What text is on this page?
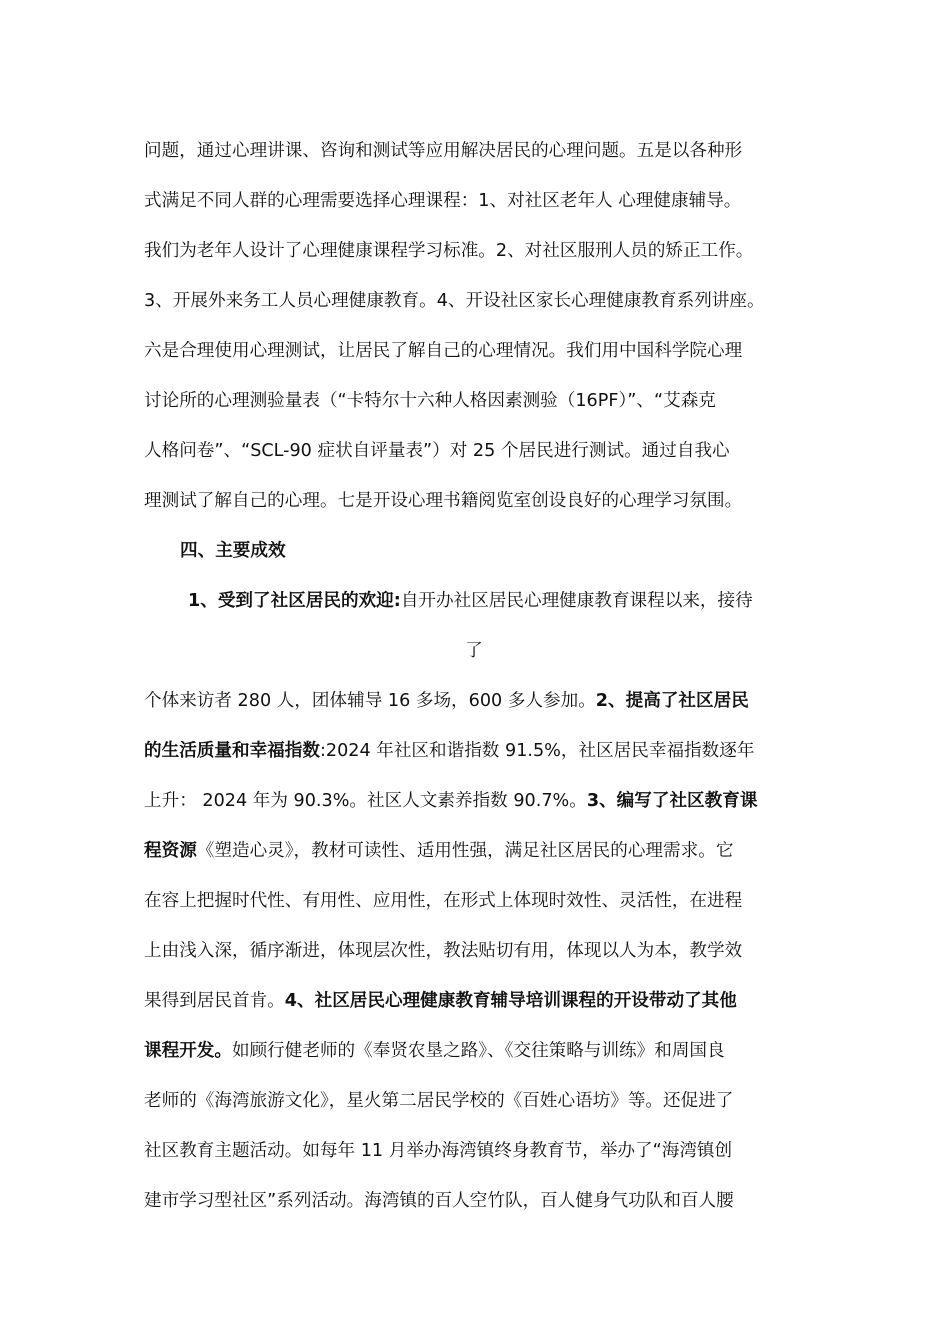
问题，通过心理讲课、咨询和测试等应用解决居民的心理问题。五是以各种形
式满足不同人群的心理需要选择心理课程：1、对社区老年人 心理健康辅导。
我们为老年人设计了心理健康课程学习标准。2、对社区服刑人员的矫正工作。
3、开展外来务工人员心理健康教育。4、开设社区家长心理健康教育系列讲座。
六是合理使用心理测试，让居民了解自己的心理情况。我们用中国科学院心理
讨论所的心理测验量表（“卡特尔十六种人格因素测验（16PF）”、“艾森克
人格问卷”、“SCL-90 症状自评量表”）对 25 个居民进行测试。通过自我心
理测试了解自己的心理。七是开设心理书籍阅览室创设良好的心理学习氛围。
四、主要成效
1、受到了社区居民的欢迎:自开办社区居民心理健康教育课程以来，接待
了
个体来访者 280 人，团体辅导 16 多场，600 多人参加。2、提高了社区居民
的生活质量和幸福指数:2024 年社区和谐指数 91.5%，社区居民幸福指数逐年
上升： 2024 年为 90.3%。社区人文素养指数 90.7%。3、编写了社区教育课
程资源《塑造心灵》，教材可读性、适用性强，满足社区居民的心理需求。它
在容上把握时代性、有用性、应用性，在形式上体现时效性、灵活性，在进程
上由浅入深，循序渐进，体现层次性，教法贴切有用，体现以人为本，教学效
果得到居民首肯。4、社区居民心理健康教育辅导培训课程的开设带动了其他
课程开发。如顾行健老师的《奉贤农垦之路》、《交往策略与训练》和周国良
老师的《海湾旅游文化》，星火第二居民学校的《百姓心语坊》等。还促进了
社区教育主题活动。如每年 11 月举办海湾镇终身教育节，举办了“海湾镇创
建市学习型社区”系列活动。海湾镇的百人空竹队，百人健身气功队和百人腰
